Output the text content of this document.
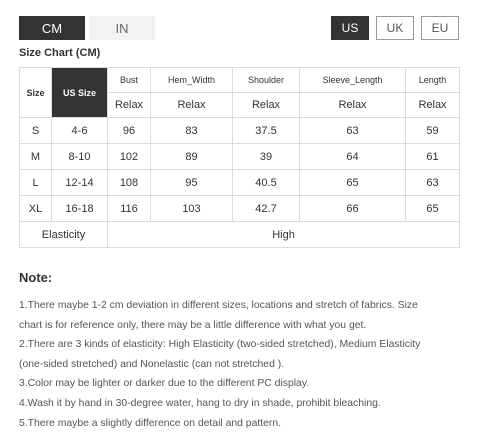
CM	IN	US	UK	EU
Size Chart (CM)
Size	US Size	Bust	Hem_Width	Shoulder	Sleeve_Length	Length
		Relax	Relax	Relax	Relax	Relax
S	4-6	96	83	37.5	63	59
M	8-10	102	89	39	64	61
L	12-14	108	95	40.5	65	63
XL	16-18	116	103	42.7	66	65
Elasticity		High				
Note:
1.There maybe 1-2 cm deviation in different sizes, locations and stretch of fabrics. Size
chart is for reference only, there may be a little difference with what you get.
2.There are 3 kinds of elasticity: High Elasticity (two-sided stretched), Medium Elasticity
(one-sided stretched) and Nonelastic (can not stretched ).
3.Color may be lighter or darker due to the different PC display.
4.Wash it by hand in 30-degree water, hang to dry in shade, prohibit bleaching.
5.There maybe a slightly difference on detail and pattern.
